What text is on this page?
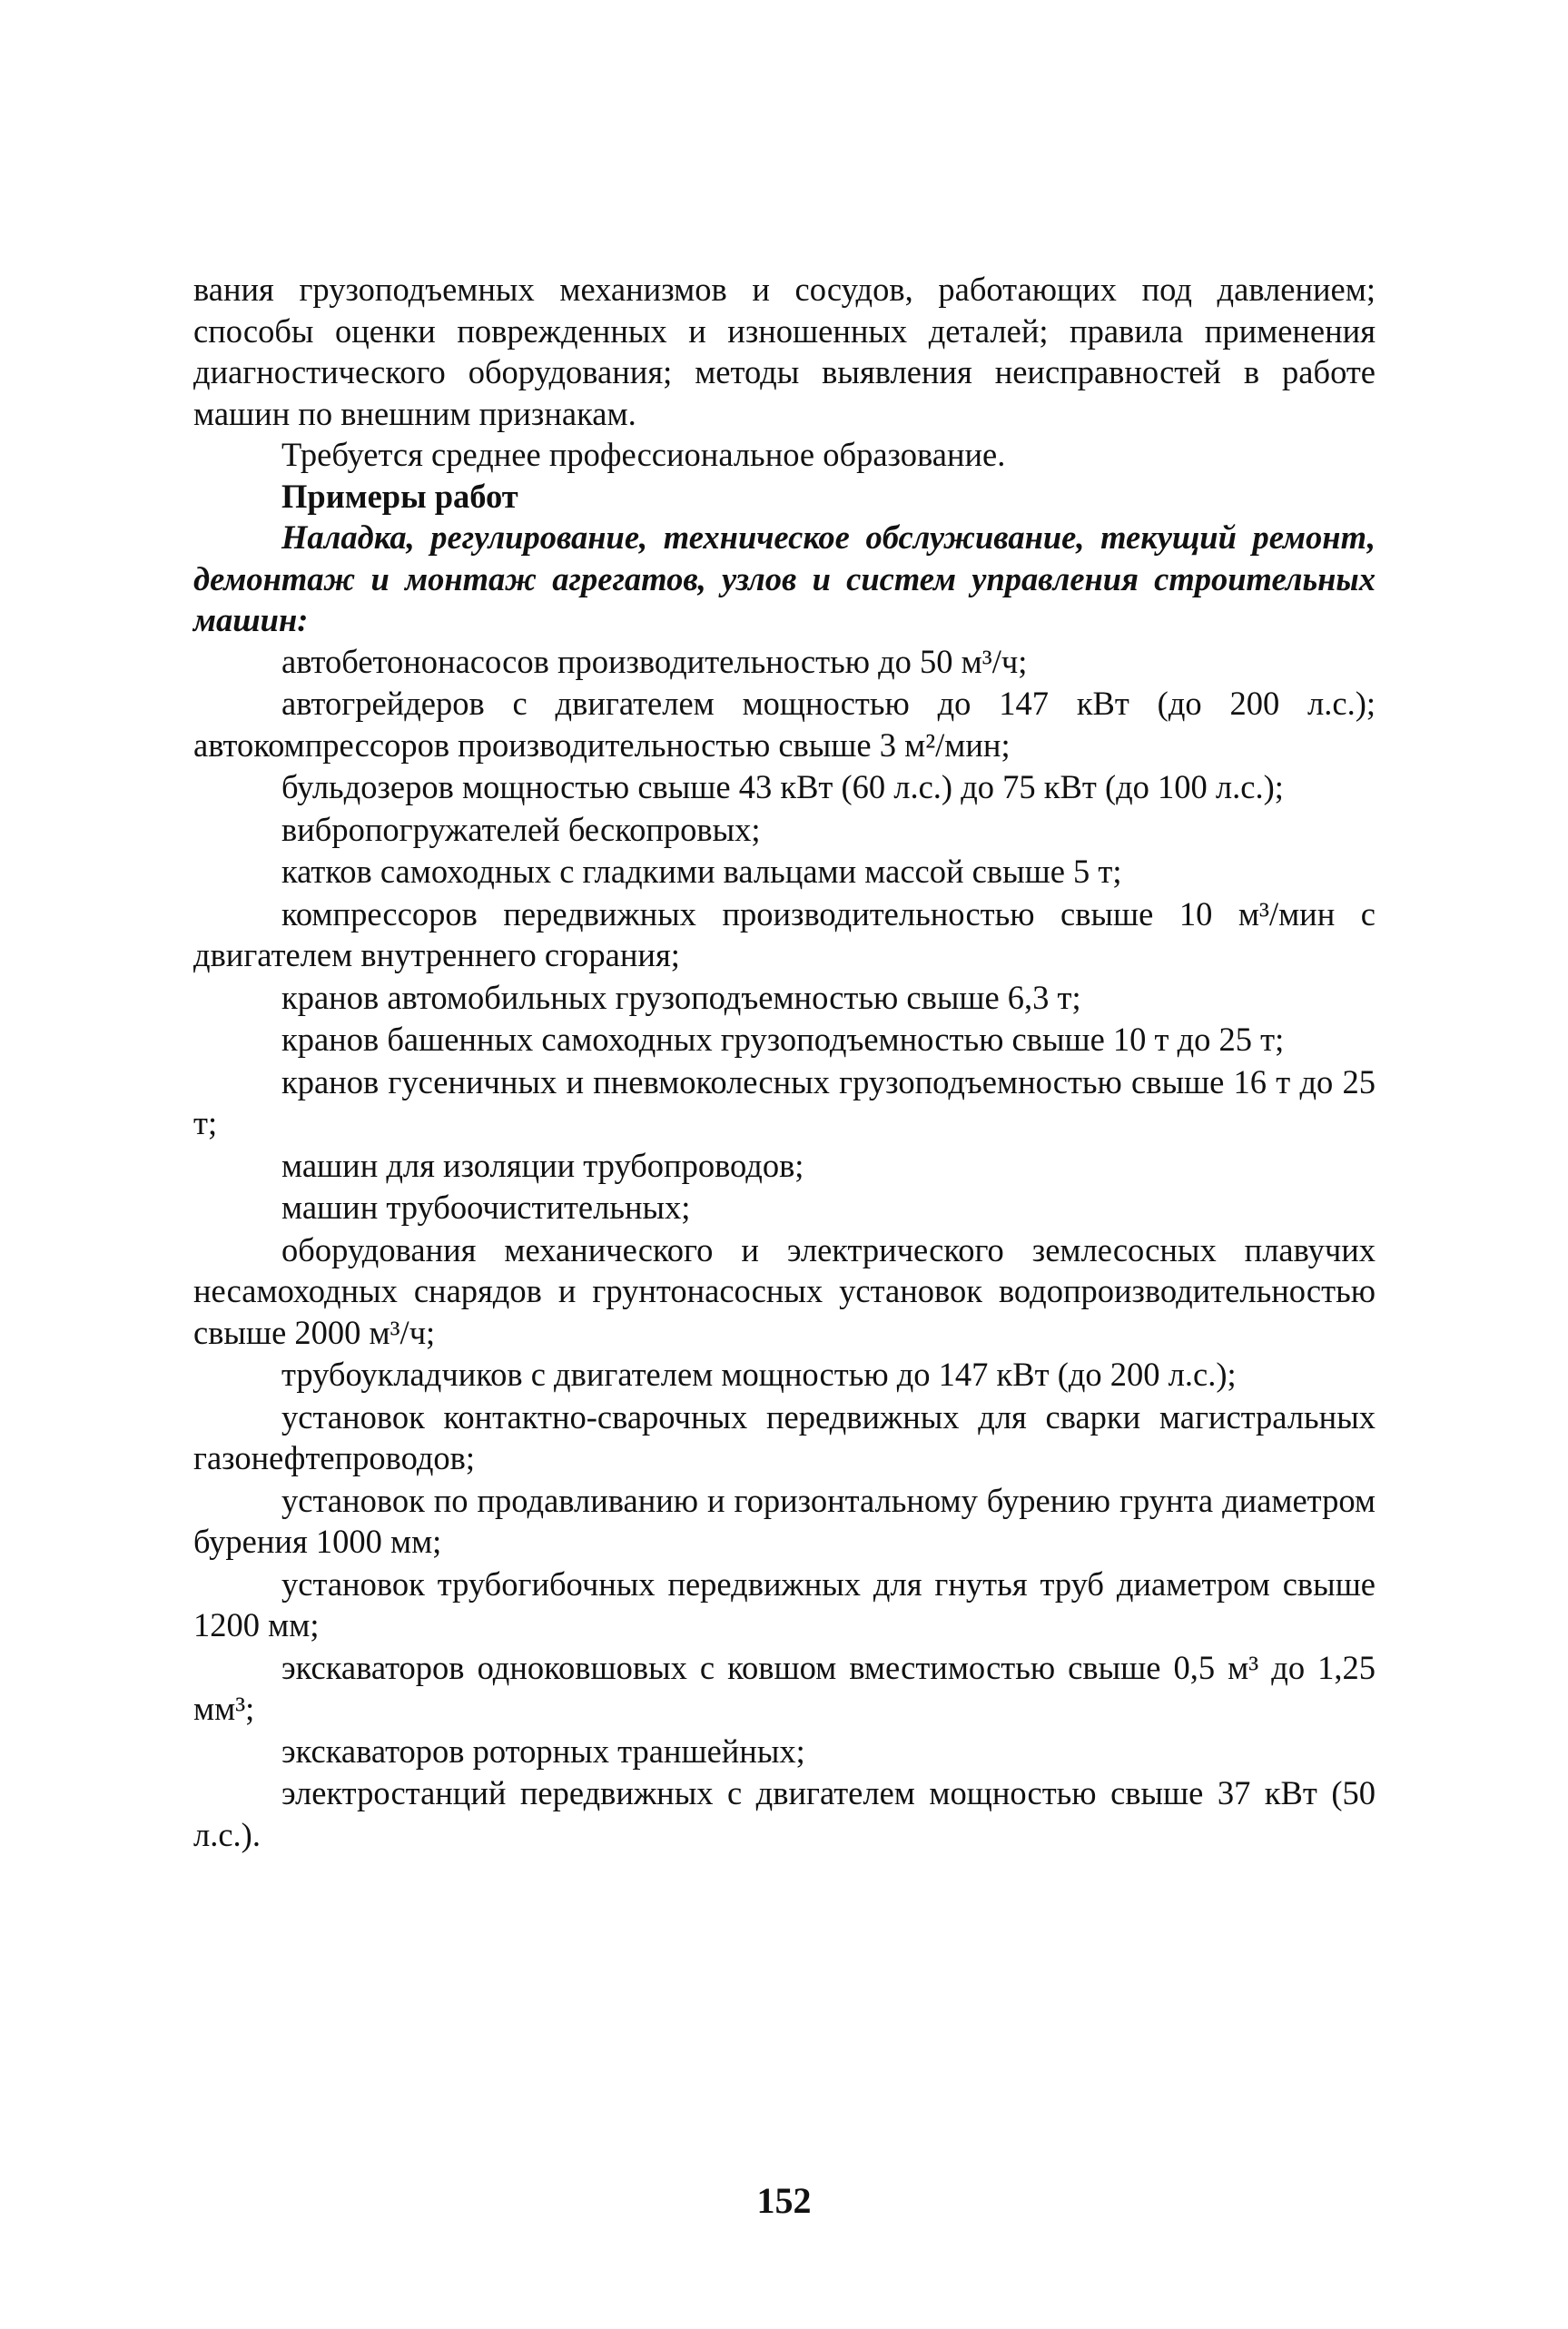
вания грузоподъемных механизмов и сосудов, работающих под давлением; способы оценки поврежденных и изношенных деталей; правила применения диагностического оборудования; методы выявления неисправностей в работе машин по внешним признакам.

Требуется среднее профессиональное образование.

Примеры работ

Наладка, регулирование, техническое обслуживание, текущий ремонт, демонтаж и монтаж агрегатов, узлов и систем управления строительных машин:

автобетононасосов производительностью до 50 м³/ч;

автогрейдеров с двигателем мощностью до 147 кВт (до 200 л.с.); автокомпрессоров производительностью свыше 3 м²/мин;

бульдозеров мощностью свыше 43 кВт (60 л.с.) до 75 кВт (до 100 л.с.);

вибропогружателей бескопровых;

катков самоходных с гладкими вальцами массой свыше 5 т;

компрессоров передвижных производительностью свыше 10 м³/мин с двигателем внутреннего сгорания;

кранов автомобильных грузоподъемностью свыше 6,3 т;

кранов башенных самоходных грузоподъемностью свыше 10 т до 25 т;

кранов гусеничных и пневмоколесных грузоподъемностью свыше 16 т до 25 т;

машин для изоляции трубопроводов;

машин трубоочистительных;

оборудования механического и электрического землесосных плавучих несамоходных снарядов и грунтонасосных установок водопроизводительностью свыше 2000 м³/ч;

трубоукладчиков с двигателем мощностью до 147 кВт (до 200 л.с.);

установок контактно-сварочных передвижных для сварки магистральных газонефтепроводов;

установок по продавливанию и горизонтальному бурению грунта диаметром бурения 1000 мм;

установок трубогибочных передвижных для гнутья труб диаметром свыше 1200 мм;

экскаваторов одноковшовых с ковшом вместимостью свыше 0,5 м³ до 1,25 мм³;

экскаваторов роторных траншейных;

электростанций передвижных с двигателем мощностью свыше 37 кВт (50 л.с.).

152
